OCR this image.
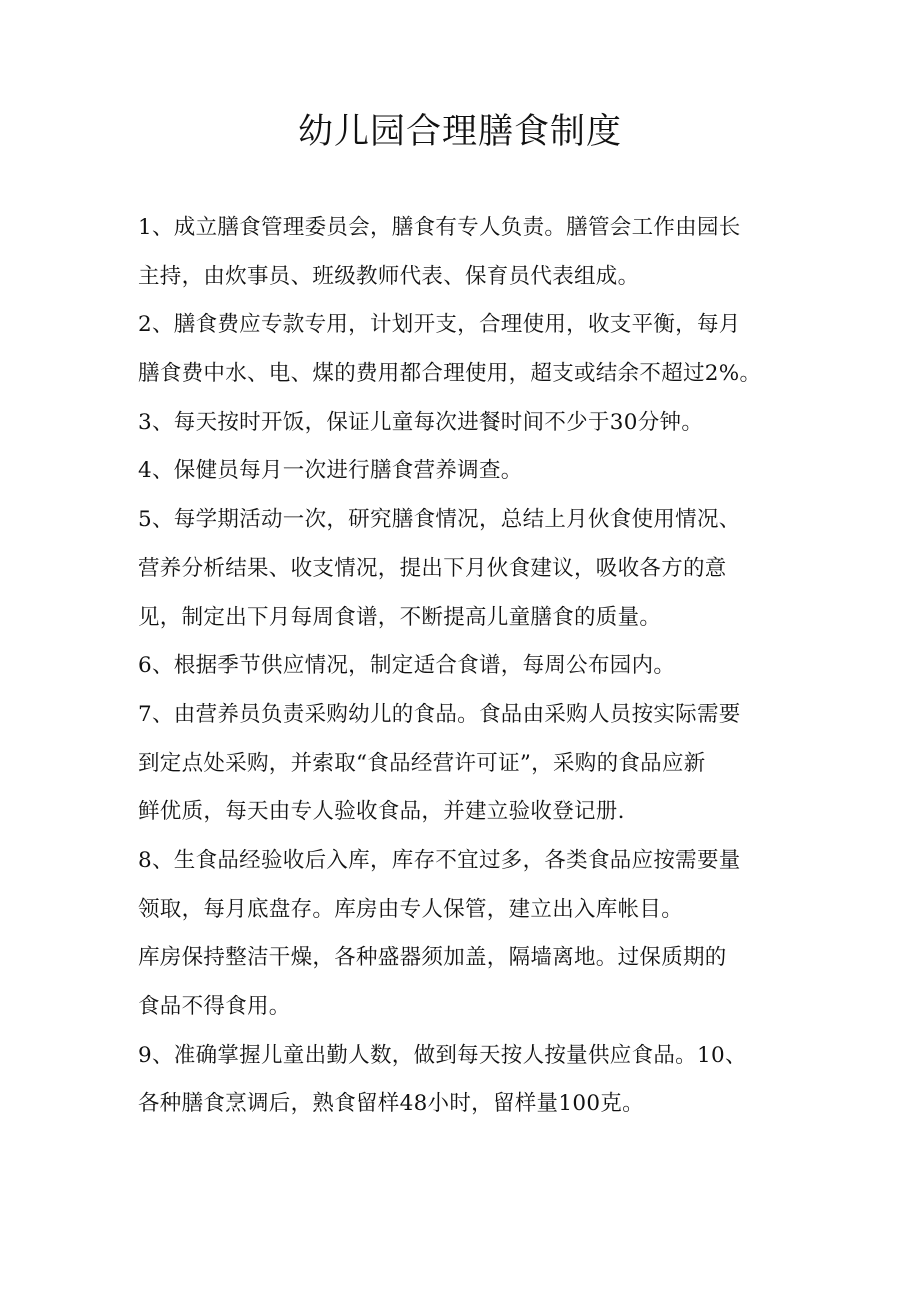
幼儿园合理膳食制度
1、成立膳食管理委员会，膳食有专人负责。膳管会工作由园长
主持，由炊事员、班级教师代表、保育员代表组成。
2、膳食费应专款专用，计划开支，合理使用，收支平衡，每月
膳食费中水、电、煤的费用都合理使用，超支或结余不超过2%。
3、每天按时开饭，保证儿童每次进餐时间不少于30分钟。
4、保健员每月一次进行膳食营养调查。
5、每学期活动一次，研究膳食情况，总结上月伙食使用情况、
营养分析结果、收支情况，提出下月伙食建议，吸收各方的意
见，制定出下月每周食谱，不断提高儿童膳食的质量。
6、根据季节供应情况，制定适合食谱，每周公布园内。
7、由营养员负责采购幼儿的食品。食品由采购人员按实际需要
到定点处采购，并索取“食品经营许可证”，采购的食品应新
鲜优质，每天由专人验收食品，并建立验收登记册.
8、生食品经验收后入库，库存不宜过多，各类食品应按需要量
领取，每月底盘存。库房由专人保管，建立出入库帐目。
库房保持整洁干燥，各种盛器须加盖，隔墙离地。过保质期的
食品不得食用。
9、准确掌握儿童出勤人数，做到每天按人按量供应食品。10、
各种膳食烹调后，熟食留样48小时，留样量100克。
